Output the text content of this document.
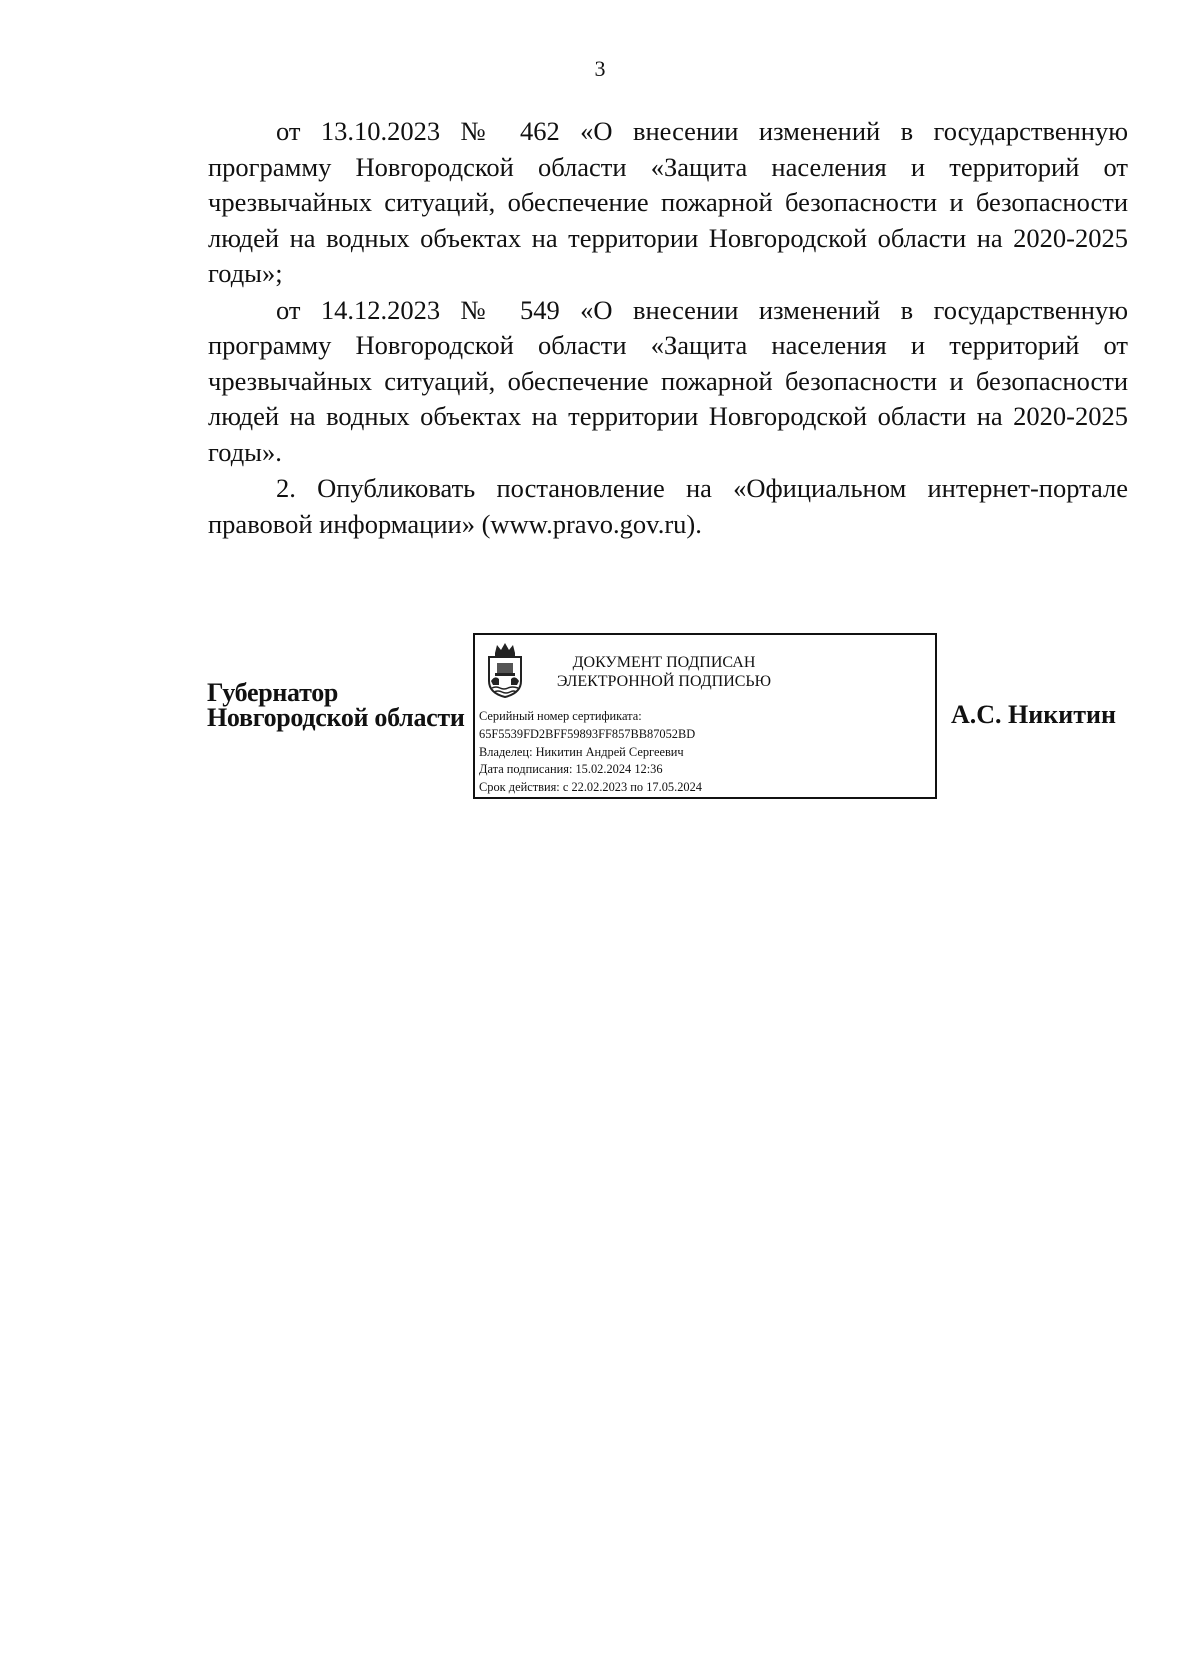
3

от 13.10.2023 № 462 «О внесении изменений в государственную программу Новгородской области «Защита населения и территорий от чрезвычайных ситуаций, обеспечение пожарной безопасности и безопасности людей на водных объектах на территории Новгородской области на 2020-2025 годы»;

от 14.12.2023 № 549 «О внесении изменений в государственную программу Новгородской области «Защита населения и территорий от чрезвычайных ситуаций, обеспечение пожарной безопасности и безопасности людей на водных объектах на территории Новгородской области на 2020-2025 годы».

2. Опубликовать постановление на «Официальном интернет-портале правовой информации» (www.pravo.gov.ru).

Губернатор
Новгородской области
ДОКУМЕНТ ПОДПИСАН
ЭЛЕКТРОННОЙ ПОДПИСЬЮ
Серийный номер сертификата:
65F5539FD2BFF59893FF857BB87052BD
Владелец: Никитин Андрей Сергеевич
Дата подписания: 15.02.2024 12:36
Срок действия: с 22.02.2023 по 17.05.2024
А.С. Никитин
